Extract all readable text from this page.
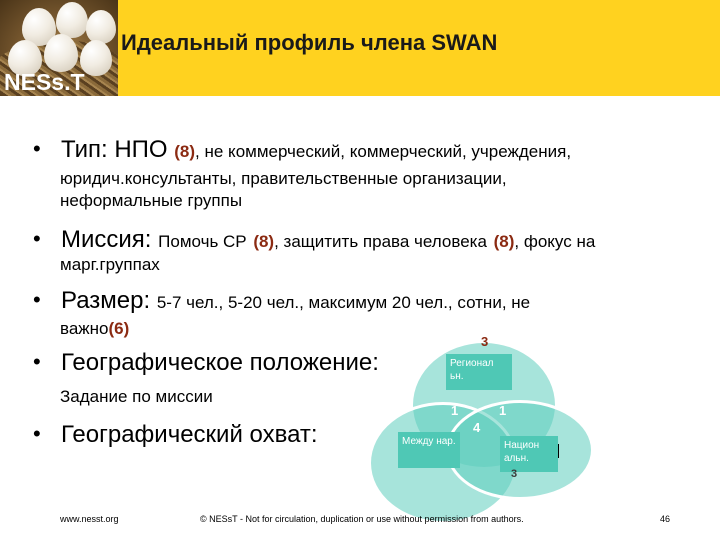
Идеальный профиль члена SWAN
NESs.T
• Тип: НПО (8), не коммерческий, коммерческий, учреждения,
юридич.консультанты, правительственные организации,
неформальные группы
• Миссия: Помочь СР (8), защитить права человека (8), фокус на
марг.группах
• Размер: 5-7 чел., 5-20 чел., максимум 20 чел., сотни, не
важно(6)
• Географическое положение:
Задание по миссии
• Географический охват:
3
Регионал ьн.
1	1
4
Между нар.	Национ альн.
3
www.nesst.org	© NESsT - Not for circulation, duplication or use without permission from authors.	46
